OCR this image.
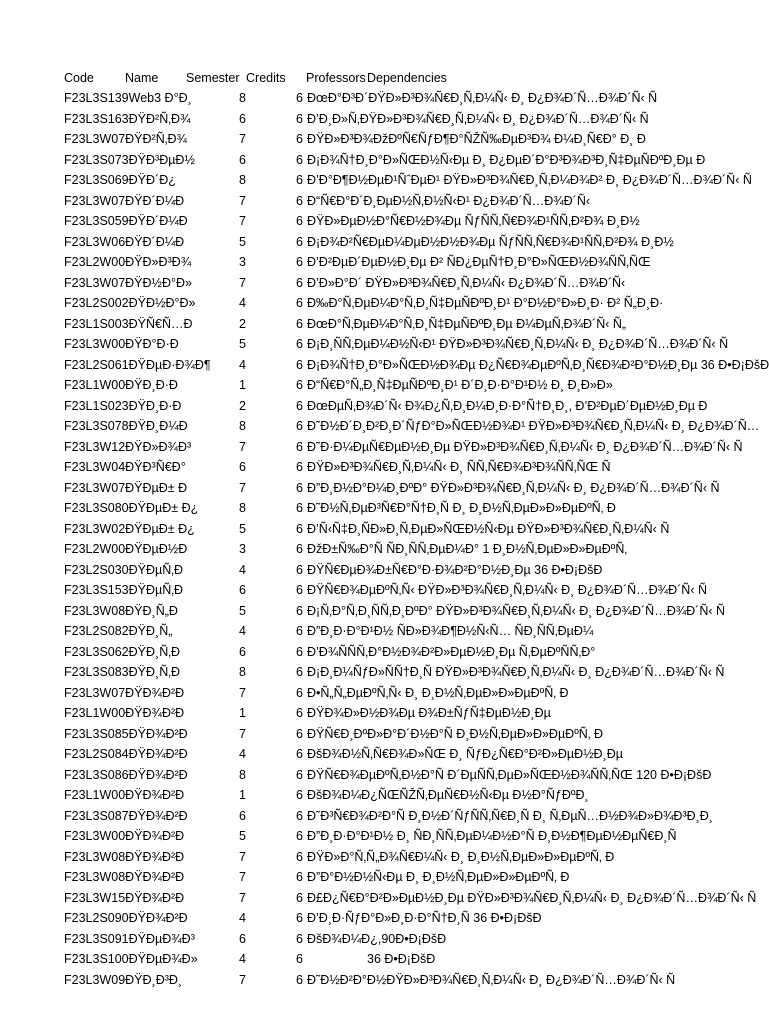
Code	Name	Semester Credits	Professors Dependencies
F23L3S139Web3 Ð°Ð¸	8	6 ÐœÐ°Ð³Ð´ÐŸÐ»Ð³Ð¾Ñ€Ð¸Ñ‚Ð¼Ñ‹ Ð¸ Ð¿Ð¾Ð´Ñ…Ð¾Ð´Ñ‹ Ñ
F23L3S163ÐŸÐ²Ñ‚Ð¾	6	6 Ð’Ð¸Ð»Ñ‚ÐŸÐ»Ð³Ð¾Ñ€Ð¸Ñ‚Ð¼Ñ‹ Ð¸ Ð¿Ð¾Ð´Ñ…Ð¾Ð´Ñ‹ Ñ
F23L3W07ÐŸÐ²Ñ‚Ð¾	7	6 ÐŸÐ»Ð³Ð¾ÐžÐºÑ€ÑƒÐ¶Ð°ÑŽÑ‰ÐµÐ³Ð¾ Ð¼Ð¸Ñ€Ð° Ð¸ Ð
F23L3S073ÐŸÐ³ÐµÐ½	6	6 Ð¡Ð¾Ñ†Ð¸Ð°Ð»ÑŒÐ½Ñ‹Ðµ Ð¸ Ð¿ÐµÐ´Ð°Ð³Ð¾Ð³Ð¸Ñ‡ÐµÑÐºÐ¸Ðµ Ð
F23L3S069ÐŸÐ´Ð¿	8	6 Ð’Ð°Ð¶Ð½ÐµÐ¹ÑˆÐµÐ¹ ÐŸÐ»Ð³Ð¾Ñ€Ð¸Ñ‚Ð¼Ð¾Ð² Ð¸ Ð¿Ð¾Ð´Ñ…Ð¾Ð´Ñ‹ Ñ
F23L3W07ÐŸÐ´Ð¼Ð	7	6 Ð“Ñ€Ð°Ð´Ð¸ÐµÐ½Ñ‚Ð½Ñ‹Ð¹ Ð¿Ð¾Ð´Ñ…Ð¾Ð´Ñ‹
F23L3S059ÐŸÐ´Ð¼Ð	7	6 ÐŸÐ»ÐµÐ½Ð°Ñ€Ð½Ð¾Ðµ ÑƒÑÑ‚Ñ€Ð¾Ð¹ÑÑ‚Ð²Ð¾ Ð¸Ð½
F23L3W06ÐŸÐ´Ð¼Ð	5	6 Ð¡Ð¾Ð²Ñ€ÐµÐ¼ÐµÐ½Ð½Ð¾Ðµ ÑƒÑÑ‚Ñ€Ð¾Ð¹ÑÑ‚Ð²Ð¾ Ð¸Ð½
F23L2W00ÐŸÐ»Ð³Ð¾	3	6 Ð’Ð²ÐµÐ´ÐµÐ½Ð¸Ðµ Ð² ÑÐ¿ÐµÑ†Ð¸Ð°Ð»ÑŒÐ½Ð¾ÑÑ‚ÑŒ
F23L3W07ÐŸÐ½Ð°Ð»	7	6 Ð’Ð»Ð°Ð´ ÐŸÐ»Ð³Ð¾Ñ€Ð¸Ñ‚Ð¼Ñ‹ Ð¿Ð¾Ð´Ñ…Ð¾Ð´Ñ‹
F23L2S002ÐŸÐ½Ð°Ð»	4	6 Ð‰Ð°Ñ‚ÐµÐ¼Ð°Ñ‚Ð¸Ñ‡ÐµÑÐºÐ¸Ð¹ Ð°Ð½Ð°Ð»Ð¸Ð· Ð² Ñ„Ð¸Ð·
F23L1S003ÐŸÑ€Ñ…Ð	2	6 ÐœÐ°Ñ‚ÐµÐ¼Ð°Ñ‚Ð¸Ñ‡ÐµÑÐºÐ¸Ðµ Ð¼ÐµÑ‚Ð¾Ð´Ñ‹ Ñ„
F23L3W00ÐŸÐ°Ð·Ð	5	6 Ð¡Ð¸ÑÑ‚ÐµÐ¼Ð½Ñ‹Ð¹ ÐŸÐ»Ð³Ð¾Ñ€Ð¸Ñ‚Ð¼Ñ‹ Ð¸ Ð¿Ð¾Ð´Ñ…Ð¾Ð´Ñ‹ Ñ
F23L2S061ÐŸÐµÐ·Ð¾Ð¶	4	6 Ð¡Ð¾Ñ†Ð¸Ð°Ð»ÑŒÐ½Ð¾Ðµ Ð¿Ñ€Ð¾ÐµÐºÑ‚Ð¸Ñ€Ð¾Ð²Ð°Ð½Ð¸Ðµ 36 Ð•Ð¡ÐšÐ
F23L1W00ÐŸÐ¸Ð·Ð	1	6 Ð“Ñ€Ð°Ñ„Ð¸Ñ‡ÐµÑÐºÐ¸Ð¹ Ð´Ð¸Ð·Ð°Ð¹Ð½ Ð¸ Ð¸Ð»Ð»
F23L1S023ÐŸÐ¸Ð·Ð	2	6 ÐœÐµÑ‚Ð¾Ð´Ñ‹ Ð¾Ð¿Ñ‚Ð¸Ð¼Ð¸Ð·Ð°Ñ†Ð¸Ð¸, Ð’Ð²ÐµÐ´ÐµÐ½Ð¸Ðµ Ð
F23L3S078ÐŸÐ¸Ð¼Ð	8	6 Ð˜Ð½Ð´Ð¸Ð²Ð¸Ð´ÑƒÐ°Ð»ÑŒÐ½Ð¾Ð¹ ÐŸÐ»Ð³Ð¾Ñ€Ð¸Ñ‚Ð¼Ñ‹ Ð¸ Ð¿Ð¾Ð´Ñ…
F23L3W12ÐŸÐ»Ð¾Ð³	7	6 Ð˜Ð·Ð¼ÐµÑ€ÐµÐ½Ð¸Ðµ ÐŸÐ»Ð³Ð¾Ñ€Ð¸Ñ‚Ð¼Ñ‹ Ð¸ Ð¿Ð¾Ð´Ñ…Ð¾Ð´Ñ‹ Ñ
F23L3W04ÐŸÐ³Ñ€Ð°	6	6 ÐŸÐ»Ð³Ð¾Ñ€Ð¸Ñ‚Ð¼Ñ‹ Ð¸ ÑÑ‚Ñ€Ð¾Ð³Ð¾ÑÑ‚ÑŒ Ñ
F23L3W07ÐŸÐµÐ± Ð	7	6 Ð”Ð¸Ð½Ð°Ð¼Ð¸ÐºÐ° ÐŸÐ»Ð³Ð¾Ñ€Ð¸Ñ‚Ð¼Ñ‹ Ð¸ Ð¿Ð¾Ð´Ñ…Ð¾Ð´Ñ‹ Ñ
F23L3S080ÐŸÐµÐ± Ð¿	8	6 Ð˜Ð½Ñ‚ÐµÐ³Ñ€Ð°Ñ†Ð¸Ñ Ð¸ Ð¸Ð½Ñ‚ÐµÐ»Ð»ÐµÐºÑ‚ Ð
F23L3W02ÐŸÐµÐ± Ð¿	5	6 Ð’Ñ‹Ñ‡Ð¸ÑÐ»Ð¸Ñ‚ÐµÐ»ÑŒÐ½Ñ‹Ðµ ÐŸÐ»Ð³Ð¾Ñ€Ð¸Ñ‚Ð¼Ñ‹ Ñ
F23L2W00ÐŸÐµÐ½Ð	3	6 ÐžÐ±Ñ‰Ð°Ñ ÑÐ¸ÑÑ‚ÐµÐ¼Ð° 1 Ð¸Ð½Ñ‚ÐµÐ»Ð»ÐµÐºÑ‚
F23L2S030ÐŸÐµÑ‚Ð	4	6 ÐŸÑ€ÐµÐ¾Ð±Ñ€Ð°Ð·Ð¾Ð²Ð°Ð½Ð¸Ðµ 36 Ð•Ð¡ÐšÐ
F23L3S153ÐŸÐµÑ‚Ð	6	6 ÐŸÑ€Ð¾ÐµÐºÑ‚Ñ‹ ÐŸÐ»Ð³Ð¾Ñ€Ð¸Ñ‚Ð¼Ñ‹ Ð¸ Ð¿Ð¾Ð´Ñ…Ð¾Ð´Ñ‹ Ñ
F23L3W08ÐŸÐ¸Ñ„Ð	5	6 Ð¡Ñ‚Ð°Ñ‚Ð¸ÑÑ‚Ð¸ÐºÐ° ÐŸÐ»Ð³Ð¾Ñ€Ð¸Ñ‚Ð¼Ñ‹ Ð¸ Ð¿Ð¾Ð´Ñ…Ð¾Ð´Ñ‹ Ñ
F23L2S082ÐŸÐ¸Ñ„	4	6 Ð”Ð¸Ð·Ð°Ð¹Ð½ ÑÐ»Ð¾Ð¶Ð½Ñ‹Ñ… ÑÐ¸ÑÑ‚ÐµÐ¼
F23L3S062ÐŸÐ¸Ñ‚Ð	6	6 Ð’Ð¾ÑÑÑ‚Ð°Ð½Ð¾Ð²Ð»ÐµÐ½Ð¸Ðµ Ñ‚ÐµÐºÑÑ‚Ð°
F23L3S083ÐŸÐ¸Ñ‚Ð	8	6 Ð¡Ð¸Ð¼ÑƒÐ»ÑÑ†Ð¸Ñ ÐŸÐ»Ð³Ð¾Ñ€Ð¸Ñ‚Ð¼Ñ‹ Ð¸ Ð¿Ð¾Ð´Ñ…Ð¾Ð´Ñ‹ Ñ
F23L3W07ÐŸÐ¾Ð²Ð	7	6 Ð•Ñ„Ñ„ÐµÐºÑ‚Ñ‹ Ð¸ Ð¸Ð½Ñ‚ÐµÐ»Ð»ÐµÐºÑ‚ Ð
F23L1W00ÐŸÐ¾Ð²Ð	1	6 ÐŸÐ¾Ð»Ð½Ð¾Ðµ Ð¾Ð±ÑƒÑ‡ÐµÐ½Ð¸Ðµ
F23L3S085ÐŸÐ¾Ð²Ð	7	6 ÐŸÑ€Ð¸ÐºÐ»Ð°Ð´Ð½Ð°Ñ Ð¸Ð½Ñ‚ÐµÐ»Ð»ÐµÐºÑ‚ Ð
F23L2S084ÐŸÐ¾Ð²Ð	4	6 ÐšÐ¾Ð½Ñ‚Ñ€Ð¾Ð»ÑŒ Ð¸ ÑƒÐ¿Ñ€Ð°Ð²Ð»ÐµÐ½Ð¸Ðµ
F23L3S086ÐŸÐ¾Ð²Ð	8	6 ÐŸÑ€Ð¾ÐµÐºÑ‚Ð½Ð°Ñ Ð´ÐµÑÑ‚ÐµÐ»ÑŒÐ½Ð¾ÑÑ‚ÑŒ 120 Ð•Ð¡ÐšÐ
F23L1W00ÐŸÐ¾Ð²Ð	1	6 ÐšÐ¾Ð¼Ð¿ÑŒÑŽÑ‚ÐµÑ€Ð½Ñ‹Ðµ Ð½Ð°ÑƒÐºÐ¸
F23L3S087ÐŸÐ¾Ð²Ð	6	6 Ð˜Ð³Ñ€Ð¾Ð²Ð°Ñ Ð¸Ð½Ð´ÑƒÑÑ‚Ñ€Ð¸Ñ Ð¸ Ñ‚ÐµÑ…Ð½Ð¾Ð»Ð¾Ð³Ð¸Ð¸
F23L3W00ÐŸÐ¾Ð²Ð	5	6 Ð”Ð¸Ð·Ð°Ð¹Ð½ Ð¸ ÑÐ¸ÑÑ‚ÐµÐ¼Ð½Ð°Ñ Ð¸Ð½Ð¶ÐµÐ½ÐµÑ€Ð¸Ñ
F23L3W08ÐŸÐ¾Ð²Ð	7	6 ÐŸÐ»Ð°Ñ‚Ñ„Ð¾Ñ€Ð¼Ñ‹ Ð¸ Ð¸Ð½Ñ‚ÐµÐ»Ð»ÐµÐºÑ‚ Ð
F23L3W08ÐŸÐ¾Ð²Ð	7	6 Ð”Ð°Ð½Ð½Ñ‹Ðµ Ð¸ Ð¸Ð½Ñ‚ÐµÐ»Ð»ÐµÐºÑ‚ Ð
F23L3W15ÐŸÐ¾Ð²Ð	7	6 Ð£Ð¿Ñ€Ð°Ð²Ð»ÐµÐ½Ð¸Ðµ ÐŸÐ»Ð³Ð¾Ñ€Ð¸Ñ‚Ð¼Ñ‹ Ð¸ Ð¿Ð¾Ð´Ñ…Ð¾Ð´Ñ‹ Ñ
F23L2S090ÐŸÐ¾Ð²Ð	4	6 Ð’Ð¸Ð·ÑƒÐ°Ð»Ð¸Ð·Ð°Ñ†Ð¸Ñ 36 Ð•Ð¡ÐšÐ
F23L3S091ÐŸÐµÐ¾Ð³	6	6 ÐšÐ¾Ð¼Ð¿,90Ð•Ð¡ÐšÐ
F23L3S100ÐŸÐµÐ¾Ð»	4	6	36 Ð•Ð¡ÐšÐ
F23L3W09ÐŸÐ¸Ð³Ð¸	7	6 Ð˜Ð½Ð²Ð°Ð½ÐŸÐ»Ð³Ð¾Ñ€Ð¸Ñ‚Ð¼Ñ‹ Ð¸ Ð¿Ð¾Ð´Ñ…Ð¾Ð´Ñ‹ Ñ
